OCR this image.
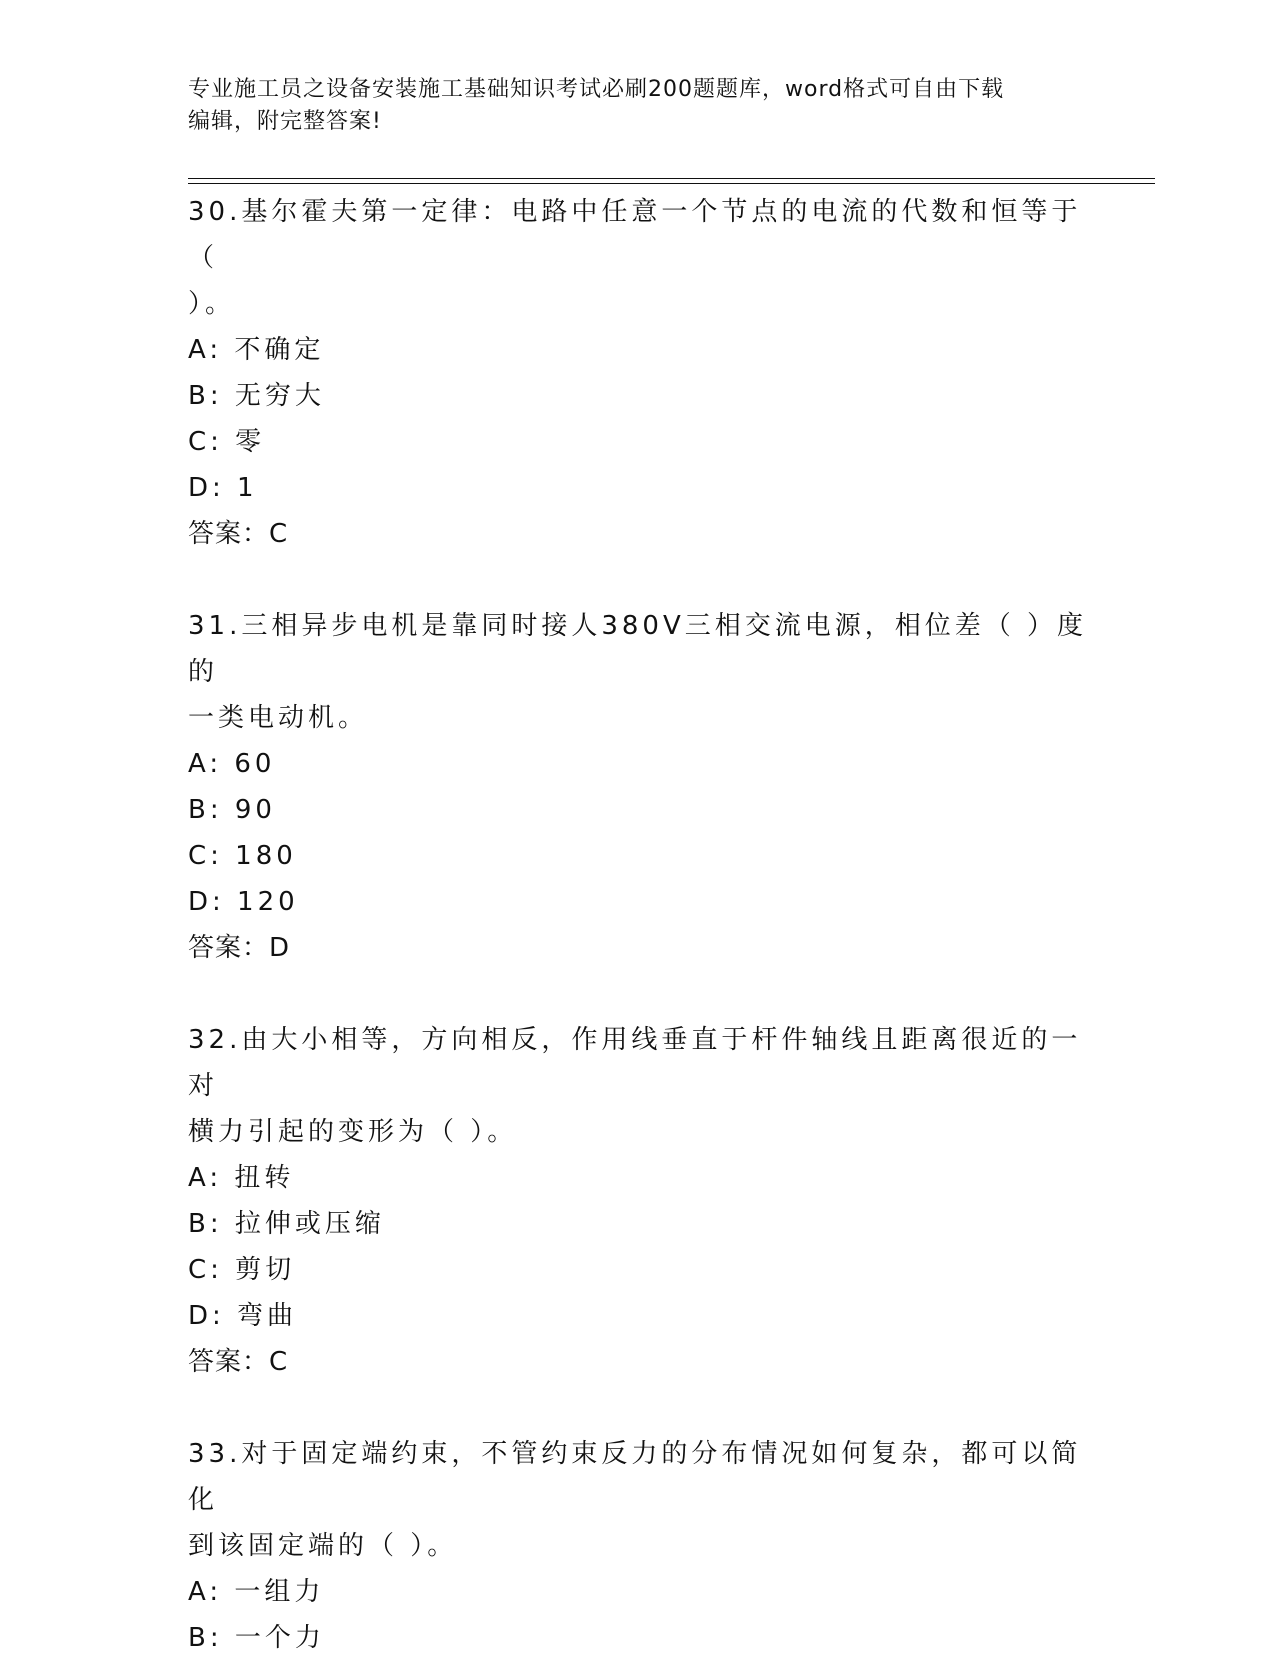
专业施工员之设备安装施工基础知识考试必刷200题题库，word格式可自由下载
编辑，附完整答案!

30.基尔霍夫第一定律：电路中任意一个节点的电流的代数和恒等于（

）。

A: 不确定

B: 无穷大

C: 零

D: 1

答案：C

31.三相异步电机是靠同时接人380V三相交流电源，相位差（ ）度的

一类电动机。

A: 60

B: 90

C: 180

D: 120

答案：D

32.由大小相等，方向相反，作用线垂直于杆件轴线且距离很近的一对

横力引起的变形为（ ）。

A: 扭转

B: 拉伸或压缩

C: 剪切

D: 弯曲

答案：C

33.对于固定端约束，不管约束反力的分布情况如何复杂，都可以简化

到该固定端的（ ）。

A: 一组力

B: 一个力
